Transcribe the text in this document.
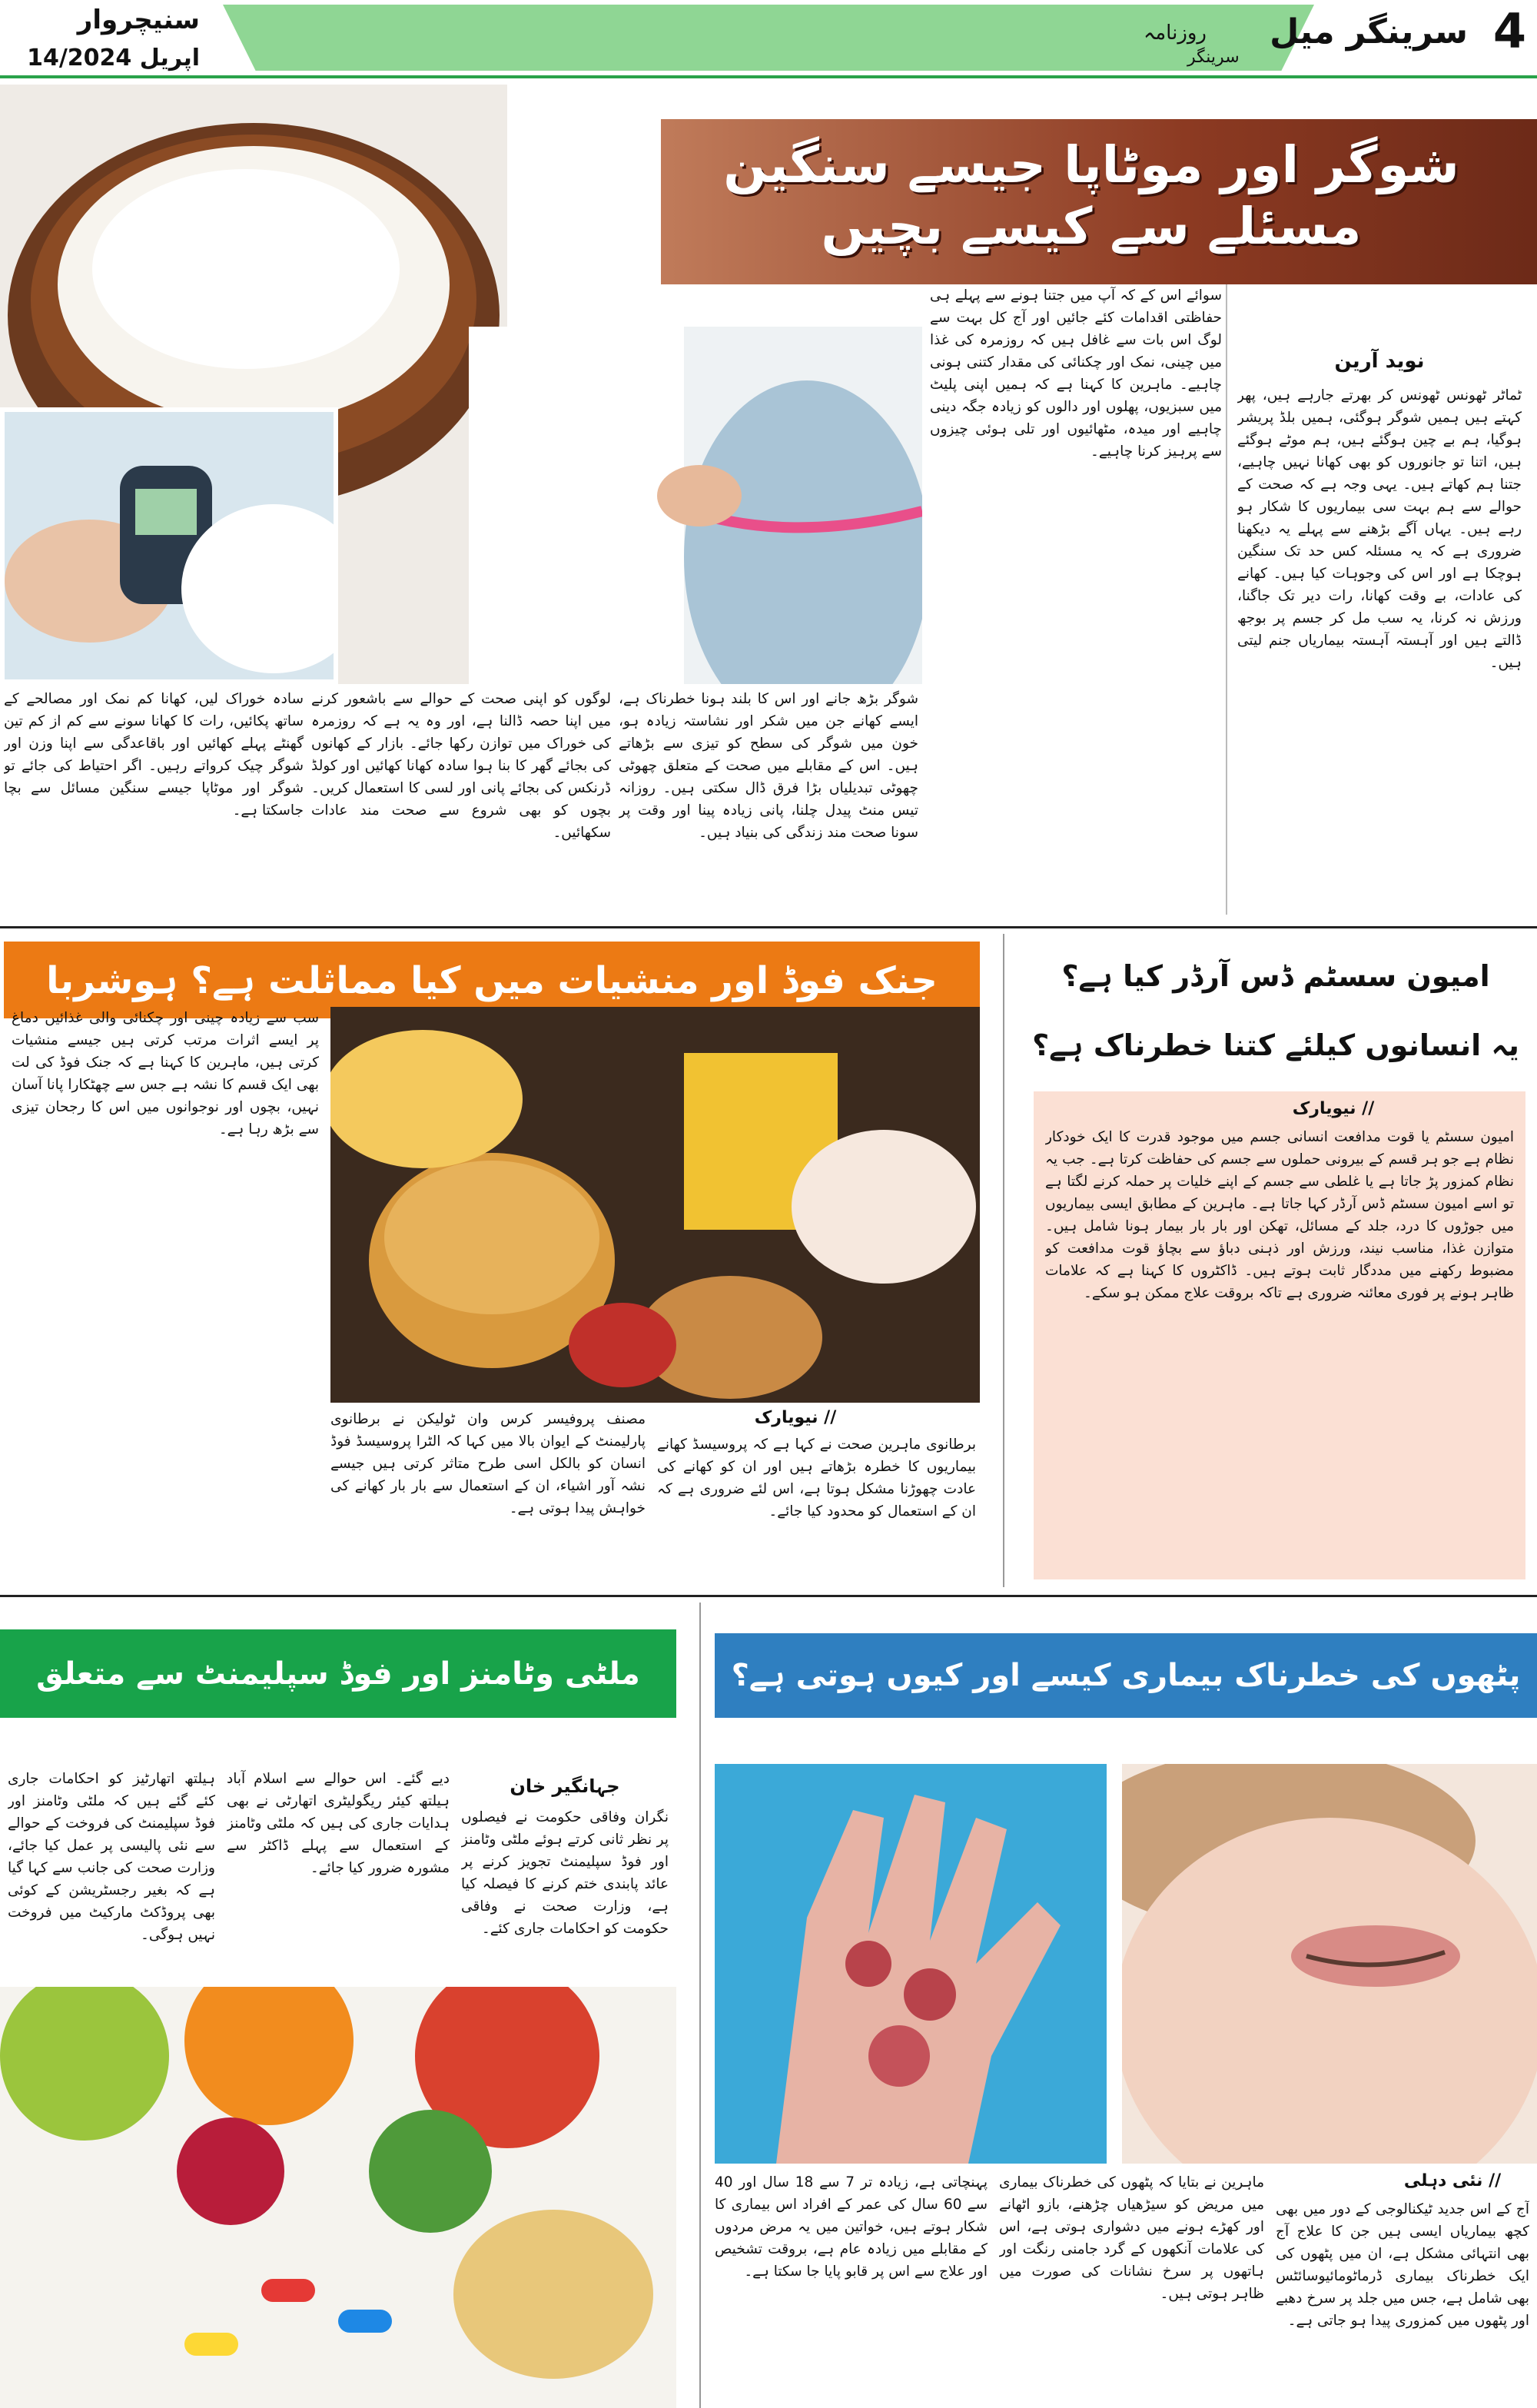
سنیچروار
14/اپریل 2024	4
سرینگر میل
روزنامہ
سرینگر
شوگر اور موٹاپا جیسے سنگین مسئلے سے کیسے بچیں
نوید آرین
ٹماٹر ٹھونس ٹھونس کر بھرتے جارہے ہیں، پھر کہتے ہیں ہمیں شوگر ہوگئی، ہمیں بلڈ پریشر ہوگیا، ہم بے چین ہوگئے ہیں، ہم موٹے ہوگئے ہیں، اتنا تو جانوروں کو بھی کھانا نہیں چاہیے، جتنا ہم کھاتے ہیں۔ یہی وجہ ہے کہ صحت کے حوالے سے ہم بہت سی بیماریوں کا شکار ہو رہے ہیں۔ یہاں آگے بڑھنے سے پہلے یہ دیکھنا ضروری ہے کہ یہ مسئلہ کس حد تک سنگین ہوچکا ہے اور اس کی وجوہات کیا ہیں۔ کھانے کی عادات، بے وقت کھانا، رات دیر تک جاگنا، ورزش نہ کرنا، یہ سب مل کر جسم پر بوجھ ڈالتے ہیں اور آہستہ آہستہ بیماریاں جنم لیتی ہیں۔
سوائے اس کے کہ آپ میں جتنا ہونے سے پہلے ہی حفاظتی اقدامات کئے جائیں اور آج کل بہت سے لوگ اس بات سے غافل ہیں کہ روزمرہ کی غذا میں چینی، نمک اور چکنائی کی مقدار کتنی ہونی چاہیے۔ ماہرین کا کہنا ہے کہ ہمیں اپنی پلیٹ میں سبزیوں، پھلوں اور دالوں کو زیادہ جگہ دینی چاہیے اور میدہ، مٹھائیوں اور تلی ہوئی چیزوں سے پرہیز کرنا چاہیے۔
شوگر بڑھ جانے اور اس کا بلند ہونا خطرناک ہے، ایسے کھانے جن میں شکر اور نشاستہ زیادہ ہو، خون میں شوگر کی سطح کو تیزی سے بڑھاتے ہیں۔ اس کے مقابلے میں صحت کے متعلق چھوٹی چھوٹی تبدیلیاں بڑا فرق ڈال سکتی ہیں۔ روزانہ تیس منٹ پیدل چلنا، پانی زیادہ پینا اور وقت پر سونا صحت مند زندگی کی بنیاد ہیں۔
لوگوں کو اپنی صحت کے حوالے سے باشعور کرنے میں اپنا حصہ ڈالنا ہے، اور وہ یہ ہے کہ روزمرہ کی خوراک میں توازن رکھا جائے۔ بازار کے کھانوں کی بجائے گھر کا بنا ہوا سادہ کھانا کھائیں اور کولڈ ڈرنکس کی بجائے پانی اور لسی کا استعمال کریں۔ بچوں کو بھی شروع سے صحت مند عادات سکھائیں۔
سادہ خوراک لیں، کھانا کم نمک اور مصالحے کے ساتھ پکائیں، رات کا کھانا سونے سے کم از کم تین گھنٹے پہلے کھائیں اور باقاعدگی سے اپنا وزن اور شوگر چیک کرواتے رہیں۔ اگر احتیاط کی جائے تو شوگر اور موٹاپا جیسے سنگین مسائل سے بچا جاسکتا ہے۔
جنک فوڈ اور منشیات میں کیا مماثلت ہے؟ ہوشربا
سب سے زیادہ چینی اور چکنائی والی غذائیں دماغ پر ایسے اثرات مرتب کرتی ہیں جیسے منشیات کرتی ہیں، ماہرین کا کہنا ہے کہ جنک فوڈ کی لت بھی ایک قسم کا نشہ ہے جس سے چھٹکارا پانا آسان نہیں، بچوں اور نوجوانوں میں اس کا رجحان تیزی سے بڑھ رہا ہے۔
نیویارک //
مصنف پروفیسر کرس وان ٹولیکن نے برطانوی پارلیمنٹ کے ایوان بالا میں کہا کہ الٹرا پروسیسڈ فوڈ انسان کو بالکل اسی طرح متاثر کرتی ہیں جیسے نشہ آور اشیاء، ان کے استعمال سے بار بار کھانے کی خواہش پیدا ہوتی ہے۔
برطانوی ماہرین صحت نے کہا ہے کہ پروسیسڈ کھانے بیماریوں کا خطرہ بڑھاتے ہیں اور ان کو کھانے کی عادت چھوڑنا مشکل ہوتا ہے، اس لئے ضروری ہے کہ ان کے استعمال کو محدود کیا جائے۔
امیون سسٹم ڈس آرڈر کیا ہے؟
یہ انسانوں کیلئے کتنا خطرناک ہے؟
نیویارک //
امیون سسٹم یا قوت مدافعت انسانی جسم میں موجود قدرت کا ایک خودکار نظام ہے جو ہر قسم کے بیرونی حملوں سے جسم کی حفاظت کرتا ہے۔ جب یہ نظام کمزور پڑ جاتا ہے یا غلطی سے جسم کے اپنے خلیات پر حملہ کرنے لگتا ہے تو اسے امیون سسٹم ڈس آرڈر کہا جاتا ہے۔ ماہرین کے مطابق ایسی بیماریوں میں جوڑوں کا درد، جلد کے مسائل، تھکن اور بار بار بیمار ہونا شامل ہیں۔ متوازن غذا، مناسب نیند، ورزش اور ذہنی دباؤ سے بچاؤ قوت مدافعت کو مضبوط رکھنے میں مددگار ثابت ہوتے ہیں۔ ڈاکٹروں کا کہنا ہے کہ علامات ظاہر ہونے پر فوری معائنہ ضروری ہے تاکہ بروقت علاج ممکن ہو سکے۔
ملٹی وٹامنز اور فوڈ سپلیمنٹ سے متعلق اہم اعلان
جہانگیر خان
ہیلتھ اتھارٹیز کو احکامات جاری کئے گئے ہیں کہ ملٹی وٹامنز اور فوڈ سپلیمنٹ کی فروخت کے حوالے سے نئی پالیسی پر عمل کیا جائے، وزارت صحت کی جانب سے کہا گیا ہے کہ بغیر رجسٹریشن کے کوئی بھی پروڈکٹ مارکیٹ میں فروخت نہیں ہوگی۔
دیے گئے۔ اس حوالے سے اسلام آباد ہیلتھ کیئر ریگولیٹری اتھارٹی نے بھی ہدایات جاری کی ہیں کہ ملٹی وٹامنز کے استعمال سے پہلے ڈاکٹر سے مشورہ ضرور کیا جائے۔
نگران وفاقی حکومت نے فیصلوں پر نظر ثانی کرتے ہوئے ملٹی وٹامنز اور فوڈ سپلیمنٹ تجویز کرنے پر عائد پابندی ختم کرنے کا فیصلہ کیا ہے، وزارت صحت نے وفاقی حکومت کو احکامات جاری کئے۔
پٹھوں کی خطرناک بیماری کیسے اور کیوں ہوتی ہے؟
نئی دہلی //
آج کے اس جدید ٹیکنالوجی کے دور میں بھی کچھ بیماریاں ایسی ہیں جن کا علاج آج بھی انتہائی مشکل ہے، ان میں پٹھوں کی ایک خطرناک بیماری ڈرماٹومائیوسائٹس بھی شامل ہے، جس میں جلد پر سرخ دھبے اور پٹھوں میں کمزوری پیدا ہو جاتی ہے۔
ماہرین نے بتایا کہ پٹھوں کی خطرناک بیماری میں مریض کو سیڑھیاں چڑھنے، بازو اٹھانے اور کھڑے ہونے میں دشواری ہوتی ہے، اس کی علامات آنکھوں کے گرد جامنی رنگت اور ہاتھوں پر سرخ نشانات کی صورت میں ظاہر ہوتی ہیں۔
پہنچاتی ہے، زیادہ تر 7 سے 18 سال اور 40 سے 60 سال کی عمر کے افراد اس بیماری کا شکار ہوتے ہیں، خواتین میں یہ مرض مردوں کے مقابلے میں زیادہ عام ہے، بروقت تشخیص اور علاج سے اس پر قابو پایا جا سکتا ہے۔
